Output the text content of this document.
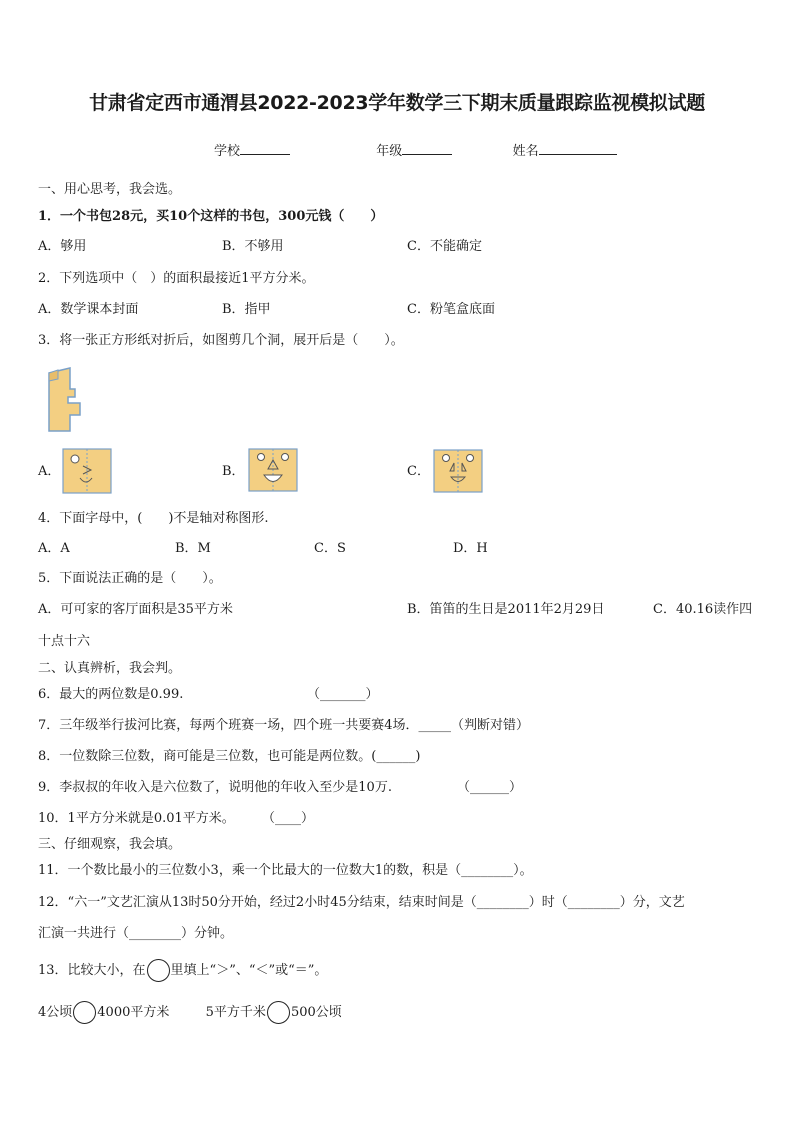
甘肃省定西市通渭县2022-2023学年数学三下期末质量跟踪监视模拟试题
学校	年级	姓名
一、用心思考，我会选。
1．一个书包28元，买10个这样的书包，300元钱（　　）
A．够用	B．不够用	C．不能确定
2．下列选项中（　）的面积最接近1平方分米。
A．数学课本封面	B．指甲	C．粉笔盒底面
3．将一张正方形纸对折后，如图剪几个洞，展开后是（　　）。
A．	B．	C．
4．下面字母中，(　　)不是轴对称图形.
A．A	B．M	C．S	D．H
5．下面说法正确的是（　　）。
A．可可家的客厅面积是35平方米	B．笛笛的生日是2011年2月29日	C．40.16读作四
十点十六
二、认真辨析，我会判。
6．最大的两位数是0.99.	（_______）
7．三年级举行拔河比赛，每两个班赛一场，四个班一共要赛4场．_____（判断对错）
8．一位数除三位数，商可能是三位数，也可能是两位数。(______)
9．李叔叔的年收入是六位数了，说明他的年收入至少是10万.	（______）
10．1平方分米就是0.01平方米。 （____）
三、仔细观察，我会填。
11．一个数比最小的三位数小3，乘一个比最大的一位数大1的数，积是（________）。
12．“六一”文艺汇演从13时50分开始，经过2小时45分结束，结束时间是（________）时（________）分，文艺
汇演一共进行（________）分钟。
13．比较大小，在 里填上“＞”、“＜”或“＝”。
4公顷 4000平方米	5平方千米 500公顷
